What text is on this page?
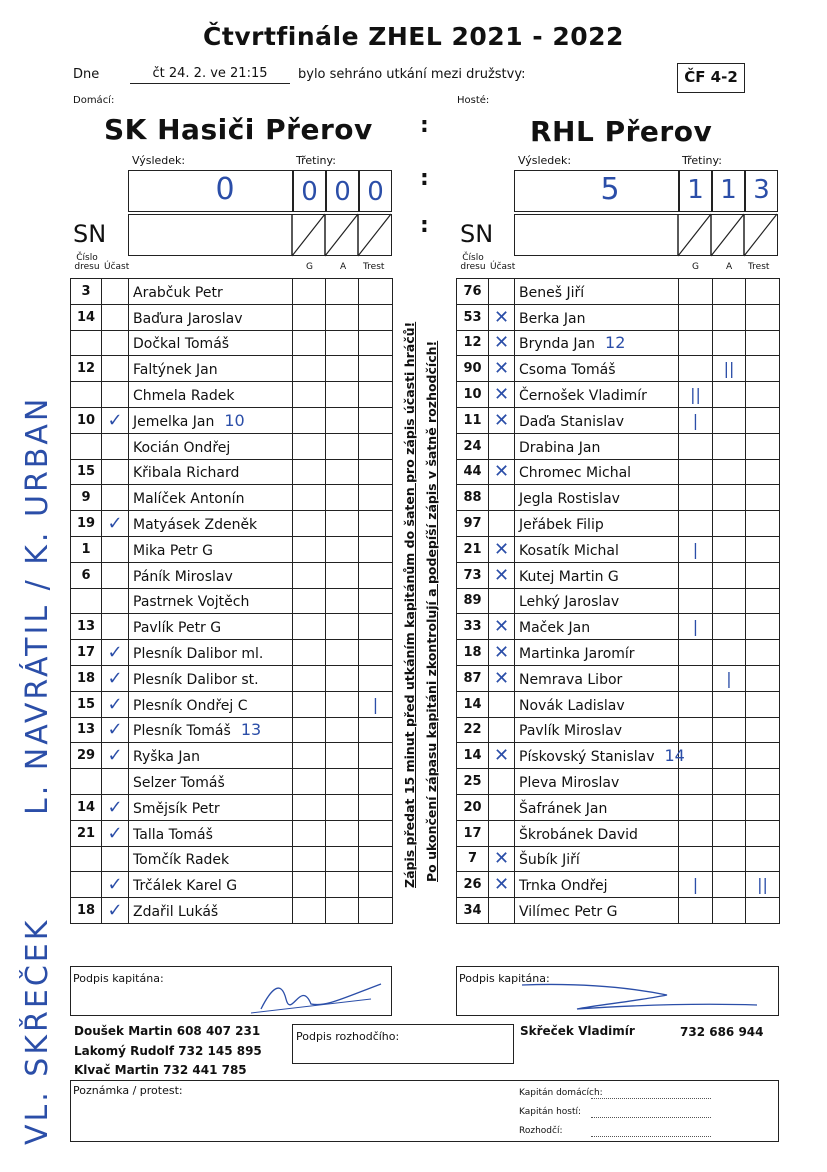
Čtvrtfinále ZHEL 2021 - 2022
Dne	čt 24. 2. ve 21:15	bylo sehráno utkání mezi družstvy:	ČF 4-2
Domácí:	Hosté:
SK Hasiči Přerov	RHL Přerov
:
:
:
Výsledek:	Třetiny:
0	0 0 0
SN
Číslo dresu Účast	G	A Trest
Výsledek:	Třetiny:
5	1 1 3
SN
Číslo dresu Účast	G	A Trest
3		Arabčuk Petr			
14		Baďura Jaroslav			
		Dočkal Tomáš			
12		Faltýnek Jan			
		Chmela Radek			
10	✓	Jemelka Jan 10			
		Kocián Ondřej			
15		Křibala Richard			
9		Malíček Antonín			
19	✓	Matyásek Zdeněk			
1		Mika Petr G			
6		Páník Miroslav			
		Pastrnek Vojtěch			
13		Pavlík Petr G			
17	✓	Plesník Dalibor ml.			
18	✓	Plesník Dalibor st.			
15	✓	Plesník Ondřej C			|
13	✓	Plesník Tomáš 13			
29	✓	Ryška Jan			
		Selzer Tomáš			
14	✓	Smějsík Petr			
21	✓	Talla Tomáš			
		Tomčík Radek			
	✓	Trčálek Karel G			
18	✓	Zdařil Lukáš			
76		Beneš Jiří			
53	✕	Berka Jan			
12	✕	Brynda Jan 12			
90	✕	Csoma Tomáš		||	
10	✕	Černošek Vladimír	||		
11	✕	Daďa Stanislav	|		
24		Drabina Jan			
44	✕	Chromec Michal			
88		Jegla Rostislav			
97		Jeřábek Filip			
21	✕	Kosatík Michal	|		
73	✕	Kutej Martin G			
89		Lehký Jaroslav			
33	✕	Maček Jan	|		
18	✕	Martinka Jaromír			
87	✕	Nemrava Libor		|	
14		Novák Ladislav			
22		Pavlík Miroslav			
14	✕	Pískovský Stanislav 14			
25		Pleva Miroslav			
20		Šafránek Jan			
17		Škrobánek David			
7	✕	Šubík Jiří			
26	✕	Trnka Ondřej	|		||
34		Vilímec Petr G			
Zápis předat 15 minut před utkáním kapitánům do šaten pro zápis účasti hráčů! Po ukončení zápasu kapitáni zkontrolují a podepíší zápis v šatně rozhodčích!
L. NAVRÁTIL / K. URBAN
VL. SKŘEČEK Podpis kapitána:	Podpis kapitána:
Doušek Martin 608 407 231
Lakomý Rudolf 732 145 895
Klvač Martin 732 441 785
Podpis rozhodčího:	Skřeček Vladimír	732 686 944
Poznámka / protest:	Kapitán domácích:
Kapitán hostí:
Rozhodčí:
